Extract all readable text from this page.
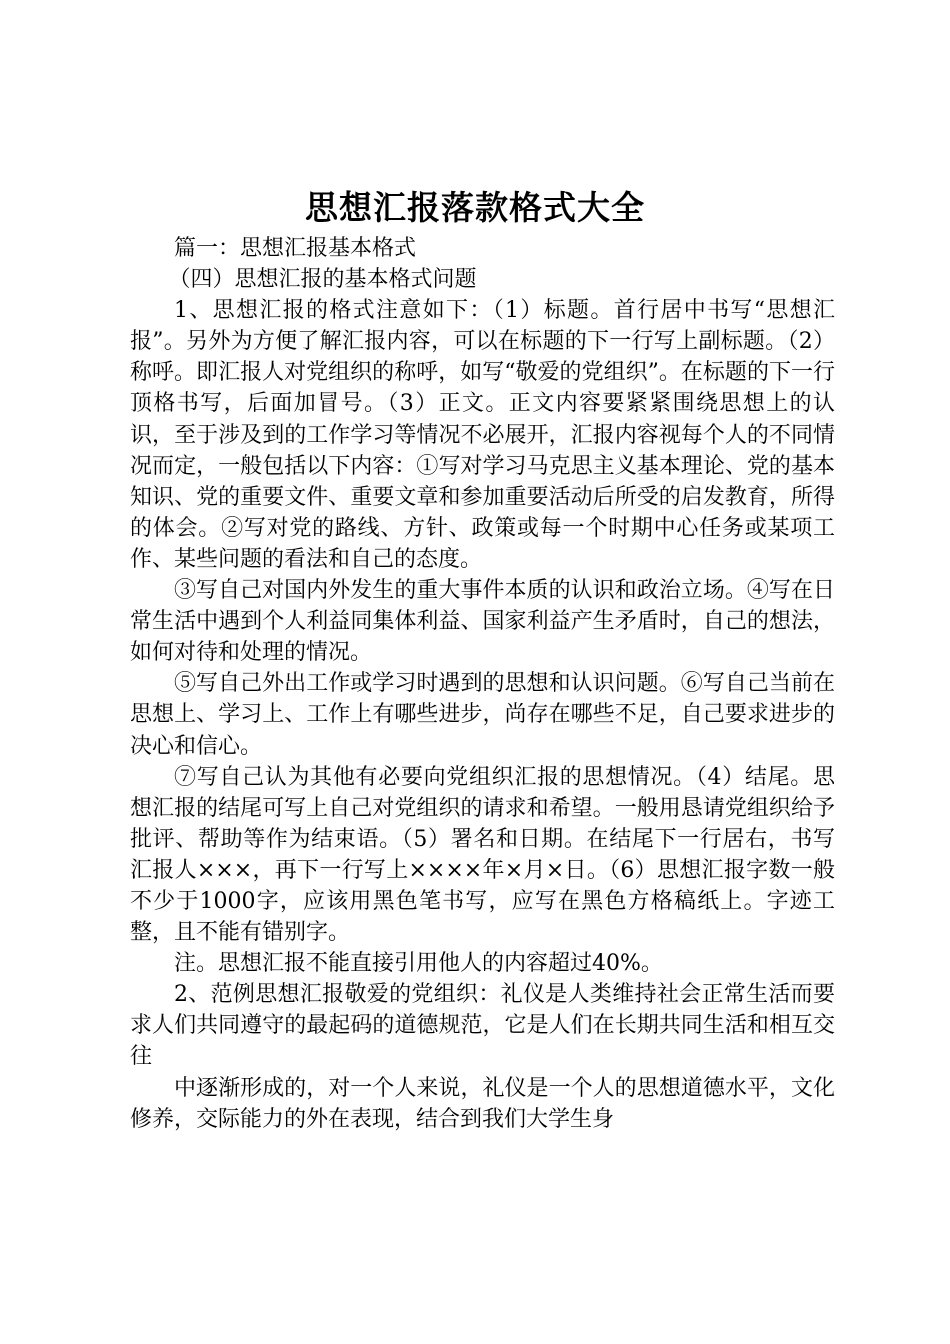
思想汇报落款格式大全

篇一：思想汇报基本格式

（四）思想汇报的基本格式问题

1、思想汇报的格式注意如下：（1）标题。首行居中书写“思想汇报”。另外为方便了解汇报内容，可以在标题的下一行写上副标题。（2）称呼。即汇报人对党组织的称呼，如写“敬爱的党组织”。在标题的下一行顶格书写，后面加冒号。（3）正文。正文内容要紧紧围绕思想上的认识，至于涉及到的工作学习等情况不必展开，汇报内容视每个人的不同情况而定，一般包括以下内容：①写对学习马克思主义基本理论、党的基本知识、党的重要文件、重要文章和参加重要活动后所受的启发教育，所得的体会。②写对党的路线、方针、政策或每一个时期中心任务或某项工作、某些问题的看法和自己的态度。

③写自己对国内外发生的重大事件本质的认识和政治立场。④写在日常生活中遇到个人利益同集体利益、国家利益产生矛盾时，自己的想法，如何对待和处理的情况。

⑤写自己外出工作或学习时遇到的思想和认识问题。⑥写自己当前在思想上、学习上、工作上有哪些进步，尚存在哪些不足，自己要求进步的决心和信心。

⑦写自己认为其他有必要向党组织汇报的思想情况。（4）结尾。思想汇报的结尾可写上自己对党组织的请求和希望。一般用恳请党组织给予批评、帮助等作为结束语。（5）署名和日期。在结尾下一行居右，书写汇报人×××，再下一行写上××××年×月×日。（6）思想汇报字数一般不少于1000字，应该用黑色笔书写，应写在黑色方格稿纸上。字迹工整，且不能有错别字。

注。思想汇报不能直接引用他人的内容超过40%。

2、范例思想汇报敬爱的党组织：礼仪是人类维持社会正常生活而要求人们共同遵守的最起码的道德规范，它是人们在长期共同生活和相互交往

中逐渐形成的，对一个人来说，礼仪是一个人的思想道德水平，文化修养，交际能力的外在表现，结合到我们大学生身
